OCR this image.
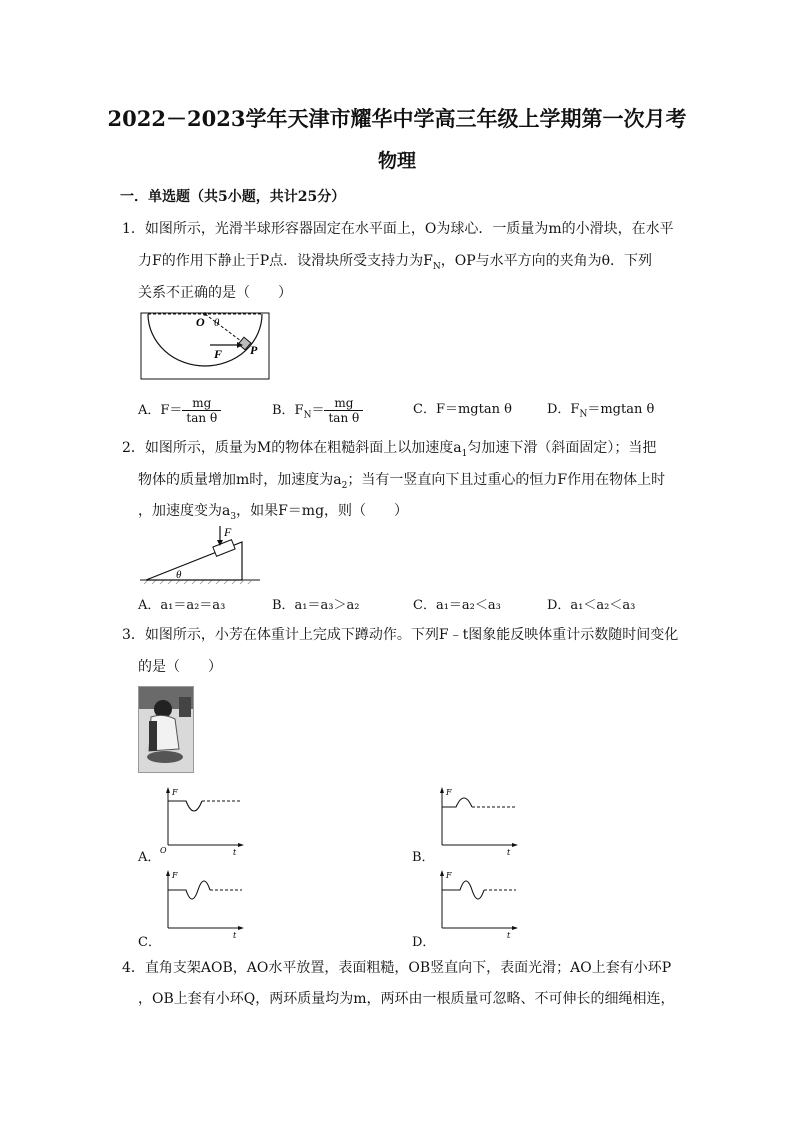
2022－2023学年天津市耀华中学高三年级上学期第一次月考
物理
一．单选题（共5小题，共计25分）
1．如图所示，光滑半球形容器固定在水平面上，O为球心．一质量为m的小滑块，在水平
力F的作用下静止于P点．设滑块所受支持力为$F_N$，OP与水平方向的夹角为θ．下列
关系不正确的是（　　）
O θ
F P
A．$F= \frac{mg}{\text{tan θ}}$	B．$F_N= \frac{mg}{\text{tan θ}}$	C．F＝mgtan θ	D．$F_N=mgtan$ θ
2．如图所示，质量为M的物体在粗糙斜面上以加速度$a_1$匀加速下滑（斜面固定）；当把
物体的质量增加m时，加速度为$a_2$；当有一竖直向下且过重心的恒力F作用在物体上时
，加速度变为$a_3$，如果F＝mg，则（　　）
F
θ
A．a₁＝a₂＝a₃	B．a₁＝a₃＞a₂	C．a₁＝a₂＜a₃	D．a₁＜a₂＜a₃
3．如图所示，小芳在体重计上完成下蹲动作。下列F﹣t图象能反映体重计示数随时间变化
的是（　　）
F
t
O
A．
F
t
B．
F
t
C．
F
t
D．
4．直角支架AOB，AO水平放置，表面粗糙，OB竖直向下，表面光滑；AO上套有小环P
，OB上套有小环Q，两环质量均为m，两环由一根质量可忽略、不可伸长的细绳相连，
